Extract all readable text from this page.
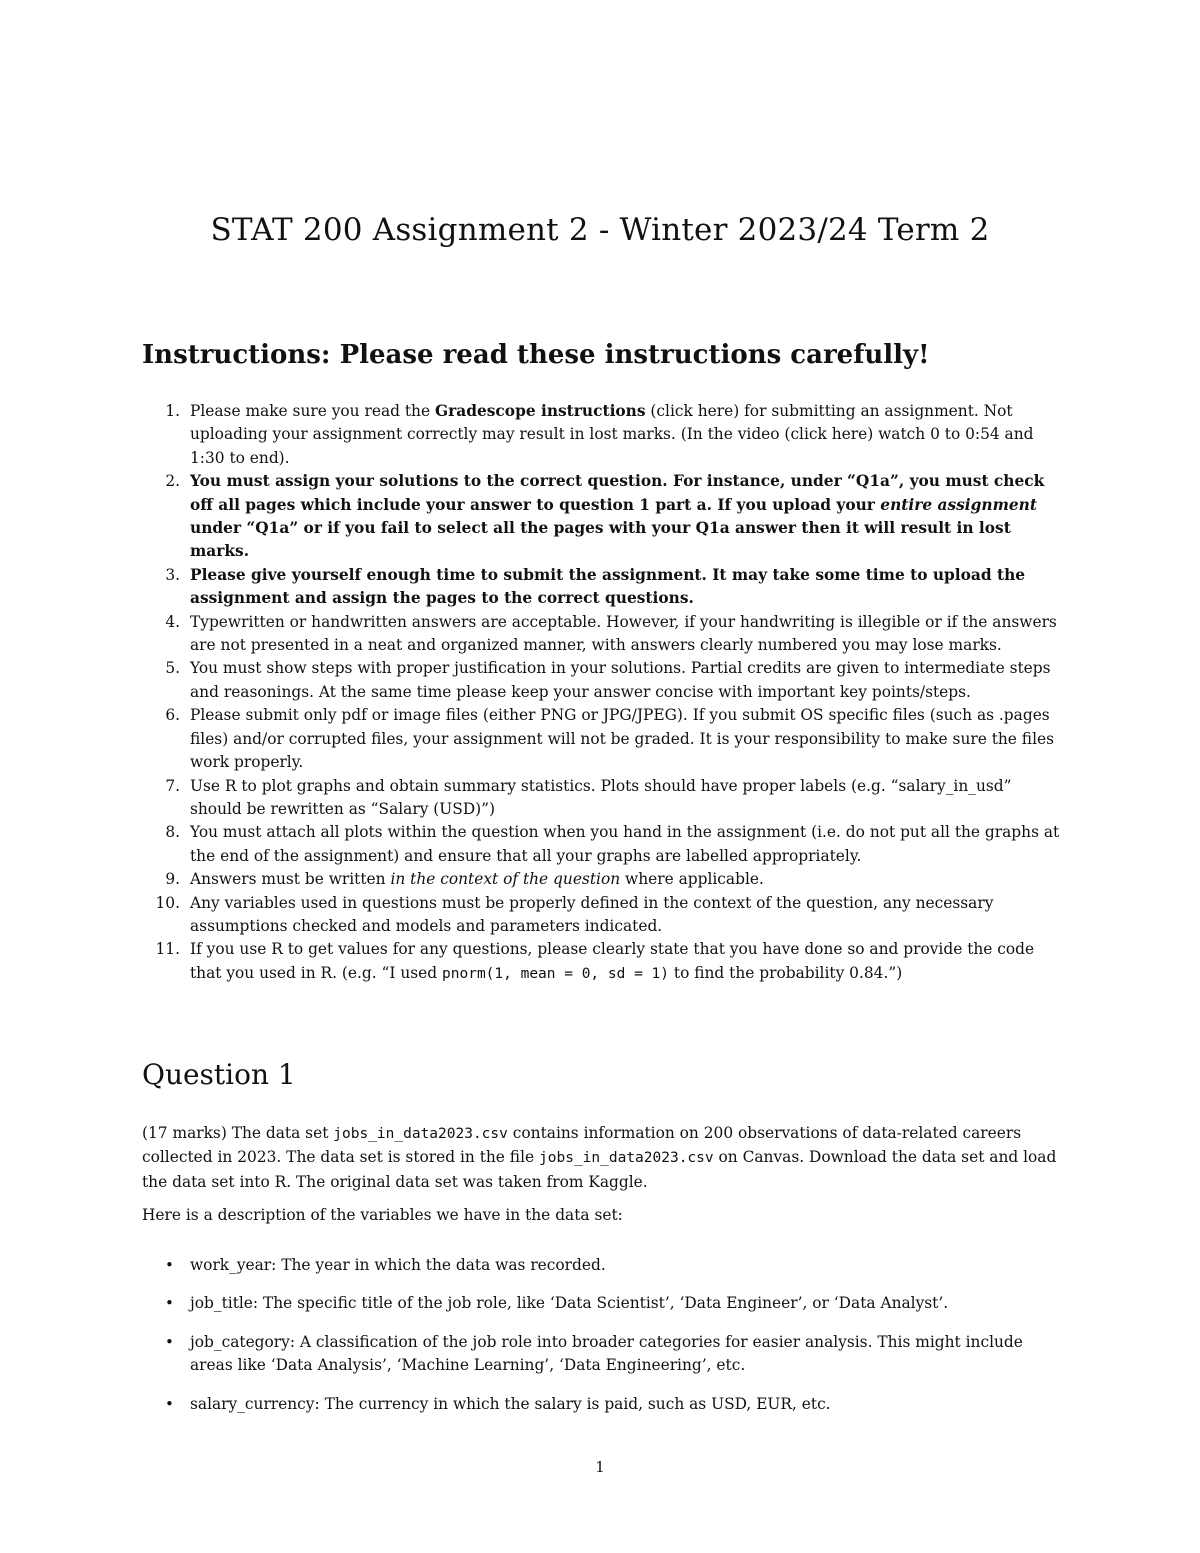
STAT 200 Assignment 2 - Winter 2023/24 Term 2
Instructions: Please read these instructions carefully!
1. Please make sure you read the Gradescope instructions (click here) for submitting an assignment. Not uploading your assignment correctly may result in lost marks. (In the video (click here) watch 0 to 0:54 and 1:30 to end).
2. You must assign your solutions to the correct question. For instance, under “Q1a”, you must check off all pages which include your answer to question 1 part a. If you upload your entire assignment under “Q1a” or if you fail to select all the pages with your Q1a answer then it will result in lost marks.
3. Please give yourself enough time to submit the assignment. It may take some time to upload the assignment and assign the pages to the correct questions.
4. Typewritten or handwritten answers are acceptable. However, if your handwriting is illegible or if the answers are not presented in a neat and organized manner, with answers clearly numbered you may lose marks.
5. You must show steps with proper justification in your solutions. Partial credits are given to intermediate steps and reasonings. At the same time please keep your answer concise with important key points/steps.
6. Please submit only pdf or image files (either PNG or JPG/JPEG). If you submit OS specific files (such as .pages files) and/or corrupted files, your assignment will not be graded. It is your responsibility to make sure the files work properly.
7. Use R to plot graphs and obtain summary statistics. Plots should have proper labels (e.g. “salary_in_usd” should be rewritten as “Salary (USD)”)
8. You must attach all plots within the question when you hand in the assignment (i.e. do not put all the graphs at the end of the assignment) and ensure that all your graphs are labelled appropriately.
9. Answers must be written in the context of the question where applicable.
10. Any variables used in questions must be properly defined in the context of the question, any necessary assumptions checked and models and parameters indicated.
11. If you use R to get values for any questions, please clearly state that you have done so and provide the code that you used in R. (e.g. “I used pnorm(1, mean = 0, sd = 1) to find the probability 0.84.”)
Question 1

(17 marks) The data set jobs_in_data2023.csv contains information on 200 observations of data-related careers collected in 2023. The data set is stored in the file jobs_in_data2023.csv on Canvas. Download the data set and load the data set into R. The original data set was taken from Kaggle.

Here is a description of the variables we have in the data set:

• work_year: The year in which the data was recorded.
• job_title: The specific title of the job role, like ‘Data Scientist’, ‘Data Engineer’, or ‘Data Analyst’.
• job_category: A classification of the job role into broader categories for easier analysis. This might include areas like ‘Data Analysis’, ‘Machine Learning’, ‘Data Engineering’, etc.
• salary_currency: The currency in which the salary is paid, such as USD, EUR, etc.
1
